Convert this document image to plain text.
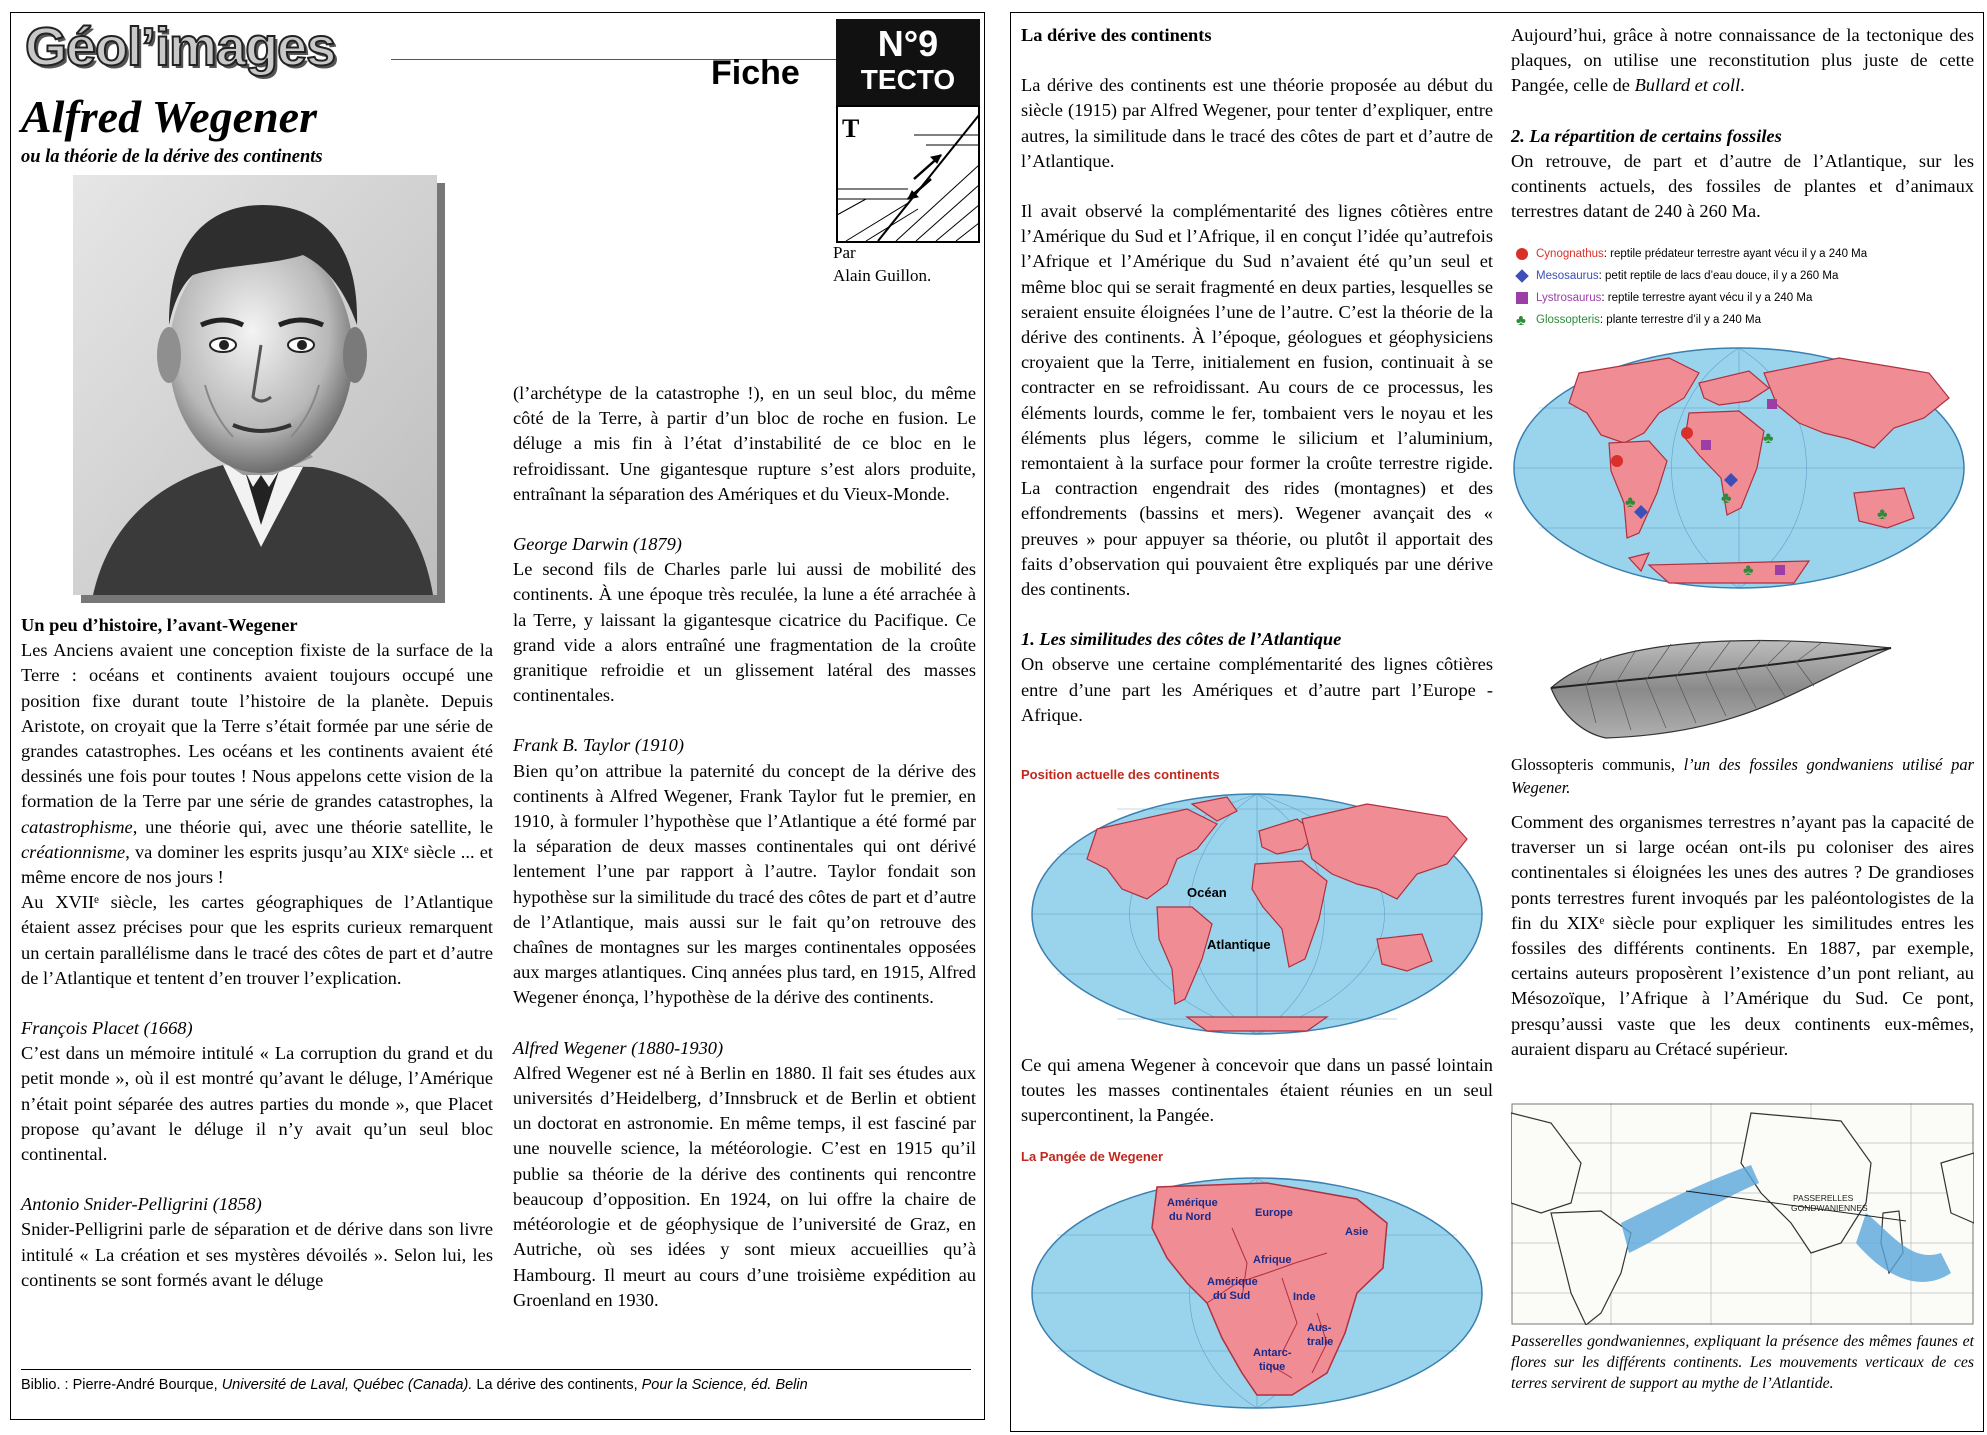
Géol’images	Fiche
N°9
TECTO
T
Alfred Wegener
ou la théorie de la dérive des continents
Par
Alain Guillon.
Un peu d’histoire, l’avant-Wegener

Les Anciens avaient une conception fixiste de la surface de la Terre : océans et continents avaient toujours occupé une position fixe durant toute l’histoire de la planète. Depuis Aristote, on croyait que la Terre s’était formée par une série de grandes catastrophes. Les océans et les continents avaient été dessinés une fois pour toutes ! Nous appelons cette vision de la formation de la Terre par une série de grandes catastrophes, la catastrophisme, une théorie qui, avec une théorie satellite, le créationnisme, va dominer les esprits jusqu’au XIXᵉ siècle ... et même encore de nos jours !

Au XVIIᵉ siècle, les cartes géographiques de l’Atlantique étaient assez précises pour que les esprits curieux remarquent un certain parallélisme dans le tracé des côtes de part et d’autre de l’Atlantique et tentent d’en trouver l’explication.

François Placet (1668)

C’est dans un mémoire intitulé « La corruption du grand et du petit monde », où il est montré qu’avant le déluge, l’Amérique n’était point séparée des autres parties du monde », que Placet propose qu’avant le déluge il n’y avait qu’un seul bloc continental.

Antonio Snider-Pelligrini (1858)

Snider-Pelligrini parle de séparation et de dérive dans son livre intitulé « La création et ses mystères dévoilés ». Selon lui, les continents se sont formés avant le déluge

(l’archétype de la catastrophe !), en un seul bloc, du même côté de la Terre, à partir d’un bloc de roche en fusion. Le déluge a mis fin à l’état d’instabilité de ce bloc en le refroidissant. Une gigantesque rupture s’est alors produite, entraînant la séparation des Amériques et du Vieux-Monde.

George Darwin (1879)

Le second fils de Charles parle lui aussi de mobilité des continents. À une époque très reculée, la lune a été arrachée à la Terre, y laissant la gigantesque cicatrice du Pacifique. Ce grand vide a alors entraîné une fragmentation de la croûte granitique refroidie et un glissement latéral des masses continentales.

Frank B. Taylor (1910)

Bien qu’on attribue la paternité du concept de la dérive des continents à Alfred Wegener, Frank Taylor fut le premier, en 1910, à formuler l’hypothèse que l’Atlantique a été formé par la séparation de deux masses continentales qui ont dérivé lentement l’une par rapport à l’autre. Taylor fondait son hypothèse sur la similitude du tracé des côtes de part et d’autre de l’Atlantique, mais aussi sur le fait qu’on retrouve des chaînes de montagnes sur les marges continentales opposées aux marges atlantiques. Cinq années plus tard, en 1915, Alfred Wegener énonça, l’hypothèse de la dérive des continents.

Alfred Wegener (1880-1930)

Alfred Wegener est né à Berlin en 1880. Il fait ses études aux universités d’Heidelberg, d’Innsbruck et de Berlin et obtient un doctorat en astronomie. En même temps, il est fasciné par une nouvelle science, la météorologie. C’est en 1915 qu’il publie sa théorie de la dérive des continents qui rencontre beaucoup d’opposition. En 1924, on lui offre la chaire de météorologie et de géophysique de l’université de Graz, en Autriche, où ses idées y sont mieux accueillies qu’à Hambourg. Il meurt au cours d’une troisième expédition au Groenland en 1930.

Biblio. : Pierre-André Bourque, Université de Laval, Québec (Canada). La dérive des continents, Pour la Science, éd. Belin
La dérive des continents

La dérive des continents est une théorie proposée au début du siècle (1915) par Alfred Wegener, pour tenter d’expliquer, entre autres, la similitude dans le tracé des côtes de part et d’autre de l’Atlantique.

Il avait observé la complémentarité des lignes côtières entre l’Amérique du Sud et l’Afrique, il en conçut l’idée qu’autrefois l’Afrique et l’Amérique du Sud n’avaient été qu’un seul et même bloc qui se serait fragmenté en deux parties, lesquelles se seraient ensuite éloignées l’une de l’autre. C’est la théorie de la dérive des continents. À l’époque, géologues et géophysiciens croyaient que la Terre, initialement en fusion, continuait à se contracter en se refroidissant. Au cours de ce processus, les éléments lourds, comme le fer, tombaient vers le noyau et les éléments plus légers, comme le silicium et l’aluminium, remontaient à la surface pour former la croûte terrestre rigide. La contraction engendrait des rides (montagnes) et des effondrements (bassins et mers). Wegener avançait des « preuves » pour appuyer sa théorie, ou plutôt il apportait des faits d’observation qui pouvaient être expliqués par une dérive des continents.

1. Les similitudes des côtes de l’Atlantique

On observe une certaine complémentarité des lignes côtières entre d’une part les Amériques et d’autre part l’Europe - Afrique.

Position actuelle des continents
Océan
Atlantique
Ce qui amena Wegener à concevoir que dans un passé lointain toutes les masses continentales étaient réunies en un seul supercontinent, la Pangée.
La Pangée de Wegener
Amérique
du Nord	Europe
Asie
Afrique
Amérique
du Sud	Inde
Aus-
tralie
Antarc-
tique

Aujourd’hui, grâce à notre connaissance de la tectonique des plaques, on utilise une reconstitution plus juste de cette Pangée, celle de Bullard et coll.

2. La répartition de certains fossiles

On retrouve, de part et d’autre de l’Atlantique, sur les continents actuels, des fossiles de plantes et d’animaux terrestres datant de 240 à 260 Ma.

Cynognathus : reptile prédateur terrestre ayant vécu il y a 240 Ma
Mesosaurus : petit reptile de lacs d’eau douce, il y a 260 Ma
Lystrosaurus : reptile terrestre ayant vécu il y a 240 Ma
♣ Glossopteris : plante terrestre d’il y a 240 Ma
♣
♣	♣
♣
♣
Glossopteris communis, l’un des fossiles gondwaniens utilisé par Wegener.
Comment des organismes terrestres n’ayant pas la capacité de traverser un si large océan ont-ils pu coloniser des aires continentales si éloignées les unes des autres ? De grandioses ponts terrestres furent invoqués par les paléontologistes de la fin du XIXᵉ siècle pour expliquer les similitudes entres les fossiles des différents continents. En 1887, par exemple, certains auteurs proposèrent l’existence d’un pont reliant, au Mésozoïque, l’Afrique à l’Amérique du Sud. Ce pont, presqu’aussi vaste que les deux continents eux-mêmes, auraient disparu au Crétacé supérieur.
PASSERELLES
GONDWANIENNES
Passerelles gondwaniennes, expliquant la présence des mêmes faunes et flores sur les différents continents. Les mouvements verticaux de ces terres servirent de support au mythe de l’Atlantide.
